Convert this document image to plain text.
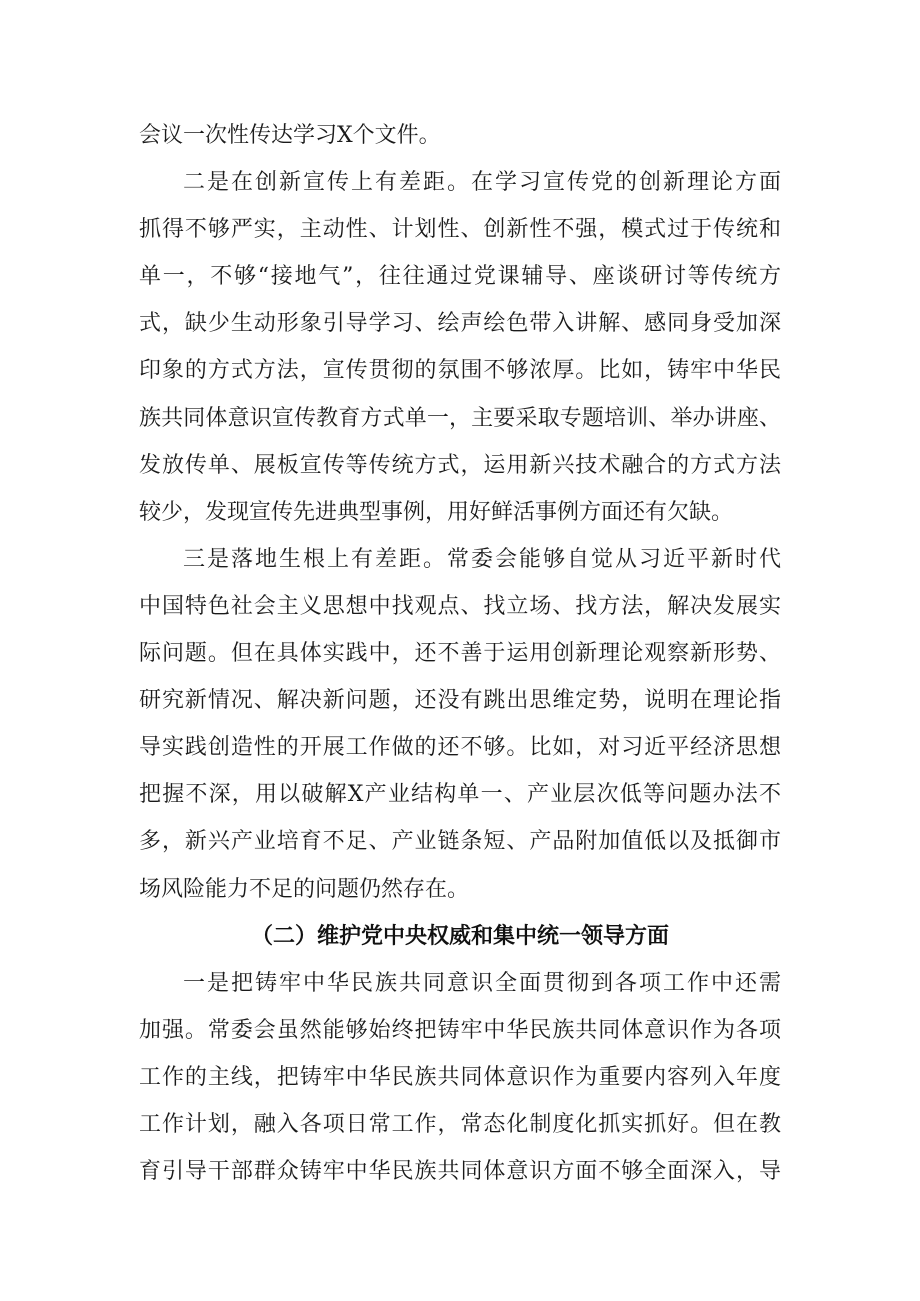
会议一次性传达学习X个文件。
二是在创新宣传上有差距。在学习宣传党的创新理论方面
抓得不够严实，主动性、计划性、创新性不强，模式过于传统和
单一，不够“接地气”，往往通过党课辅导、座谈研讨等传统方
式，缺少生动形象引导学习、绘声绘色带入讲解、感同身受加深
印象的方式方法，宣传贯彻的氛围不够浓厚。比如，铸牢中华民
族共同体意识宣传教育方式单一，主要采取专题培训、举办讲座、
发放传单、展板宣传等传统方式，运用新兴技术融合的方式方法
较少，发现宣传先进典型事例，用好鲜活事例方面还有欠缺。
三是落地生根上有差距。常委会能够自觉从习近平新时代
中国特色社会主义思想中找观点、找立场、找方法，解决发展实
际问题。但在具体实践中，还不善于运用创新理论观察新形势、
研究新情况、解决新问题，还没有跳出思维定势，说明在理论指
导实践创造性的开展工作做的还不够。比如，对习近平经济思想
把握不深，用以破解X产业结构单一、产业层次低等问题办法不
多，新兴产业培育不足、产业链条短、产品附加值低以及抵御市
场风险能力不足的问题仍然存在。
（二）维护党中央权威和集中统一领导方面
一是把铸牢中华民族共同意识全面贯彻到各项工作中还需
加强。常委会虽然能够始终把铸牢中华民族共同体意识作为各项
工作的主线，把铸牢中华民族共同体意识作为重要内容列入年度
工作计划，融入各项日常工作，常态化制度化抓实抓好。但在教
育引导干部群众铸牢中华民族共同体意识方面不够全面深入，导
